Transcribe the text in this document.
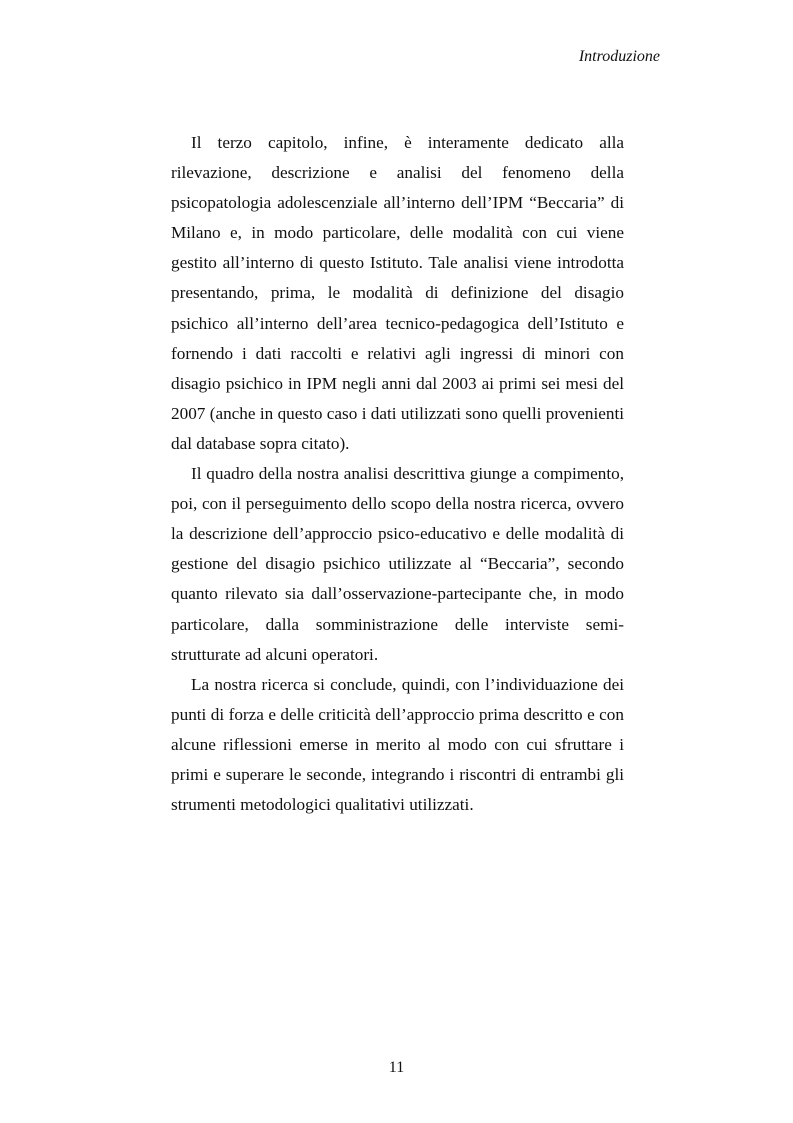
Introduzione

Il terzo capitolo, infine, è interamente dedicato alla rilevazione, descrizione e analisi del fenomeno della psicopatologia adolescenziale all’interno dell’IPM “Beccaria” di Milano e, in modo particolare, delle modalità con cui viene gestito all’interno di questo Istituto. Tale analisi viene introdotta presentando, prima, le modalità di definizione del disagio psichico all’interno dell’area tecnico-pedagogica dell’Istituto e fornendo i dati raccolti e relativi agli ingressi di minori con disagio psichico in IPM negli anni dal 2003 ai primi sei mesi del 2007 (anche in questo caso i dati utilizzati sono quelli provenienti dal database sopra citato).

Il quadro della nostra analisi descrittiva giunge a compimento, poi, con il perseguimento dello scopo della nostra ricerca, ovvero la descrizione dell’approccio psico-educativo e delle modalità di gestione del disagio psichico utilizzate al “Beccaria”, secondo quanto rilevato sia dall’osservazione-partecipante che, in modo particolare, dalla somministrazione delle interviste semi-strutturate ad alcuni operatori.

La nostra ricerca si conclude, quindi, con l’individuazione dei punti di forza e delle criticità dell’approccio prima descritto e con alcune riflessioni emerse in merito al modo con cui sfruttare i primi e superare le seconde, integrando i riscontri di entrambi gli strumenti metodologici qualitativi utilizzati.

11
